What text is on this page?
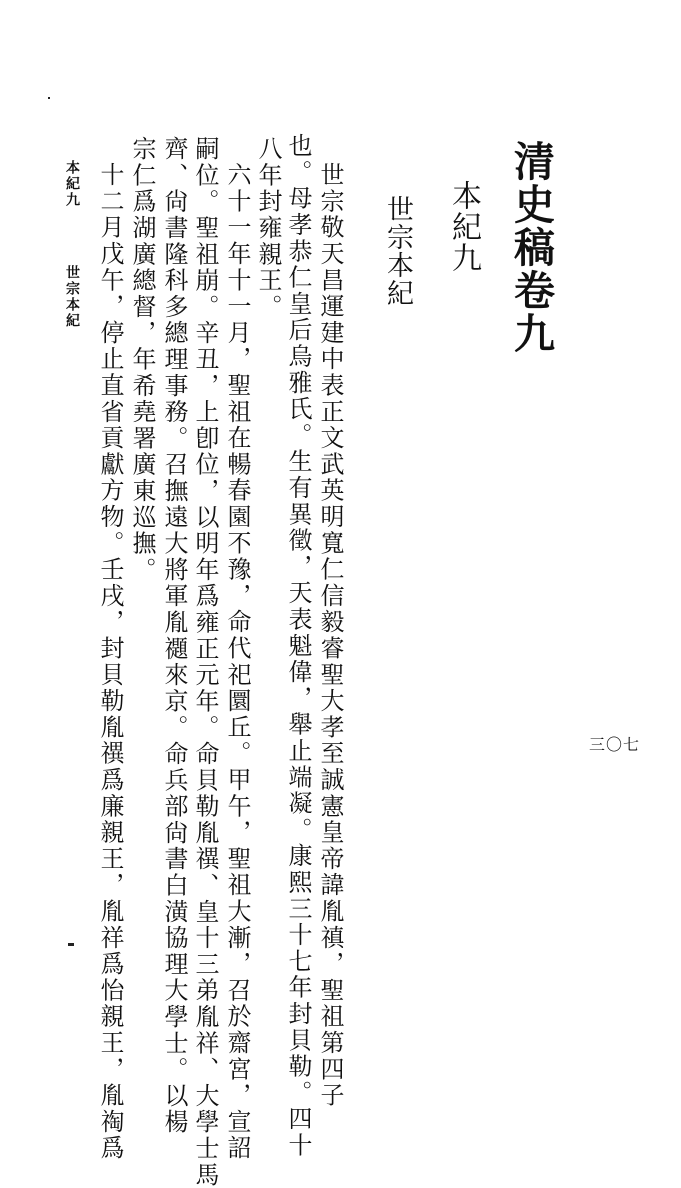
清史稿卷九
本紀九
世宗本紀
世宗敬天昌運建中表正文武英明寬仁信毅睿聖大孝至誠憲皇帝諱胤禛，聖祖第四子
也。母孝恭仁皇后烏雅氏。生有異徵，天表魁偉，舉止端凝。康熙三十七年封貝勒。四十
八年封雍親王。
六十一年十一月，聖祖在暢春園不豫，命代祀圜丘。甲午，聖祖大漸，召於齋宮，宣詔
嗣位。聖祖崩。辛丑，上卽位，以明年爲雍正元年。命貝勒胤禩、皇十三弟胤祥、大學士馬
齊、尙書隆科多總理事務。召撫遠大將軍胤禵來京。命兵部尙書白潢協理大學士。以楊
宗仁爲湖廣總督，年希堯署廣東巡撫。
十二月戊午，停止直省貢獻方物。壬戌，封貝勒胤禩爲廉親王，胤祥爲怡親王，胤祹爲
本紀九
世宗本紀
三〇七
